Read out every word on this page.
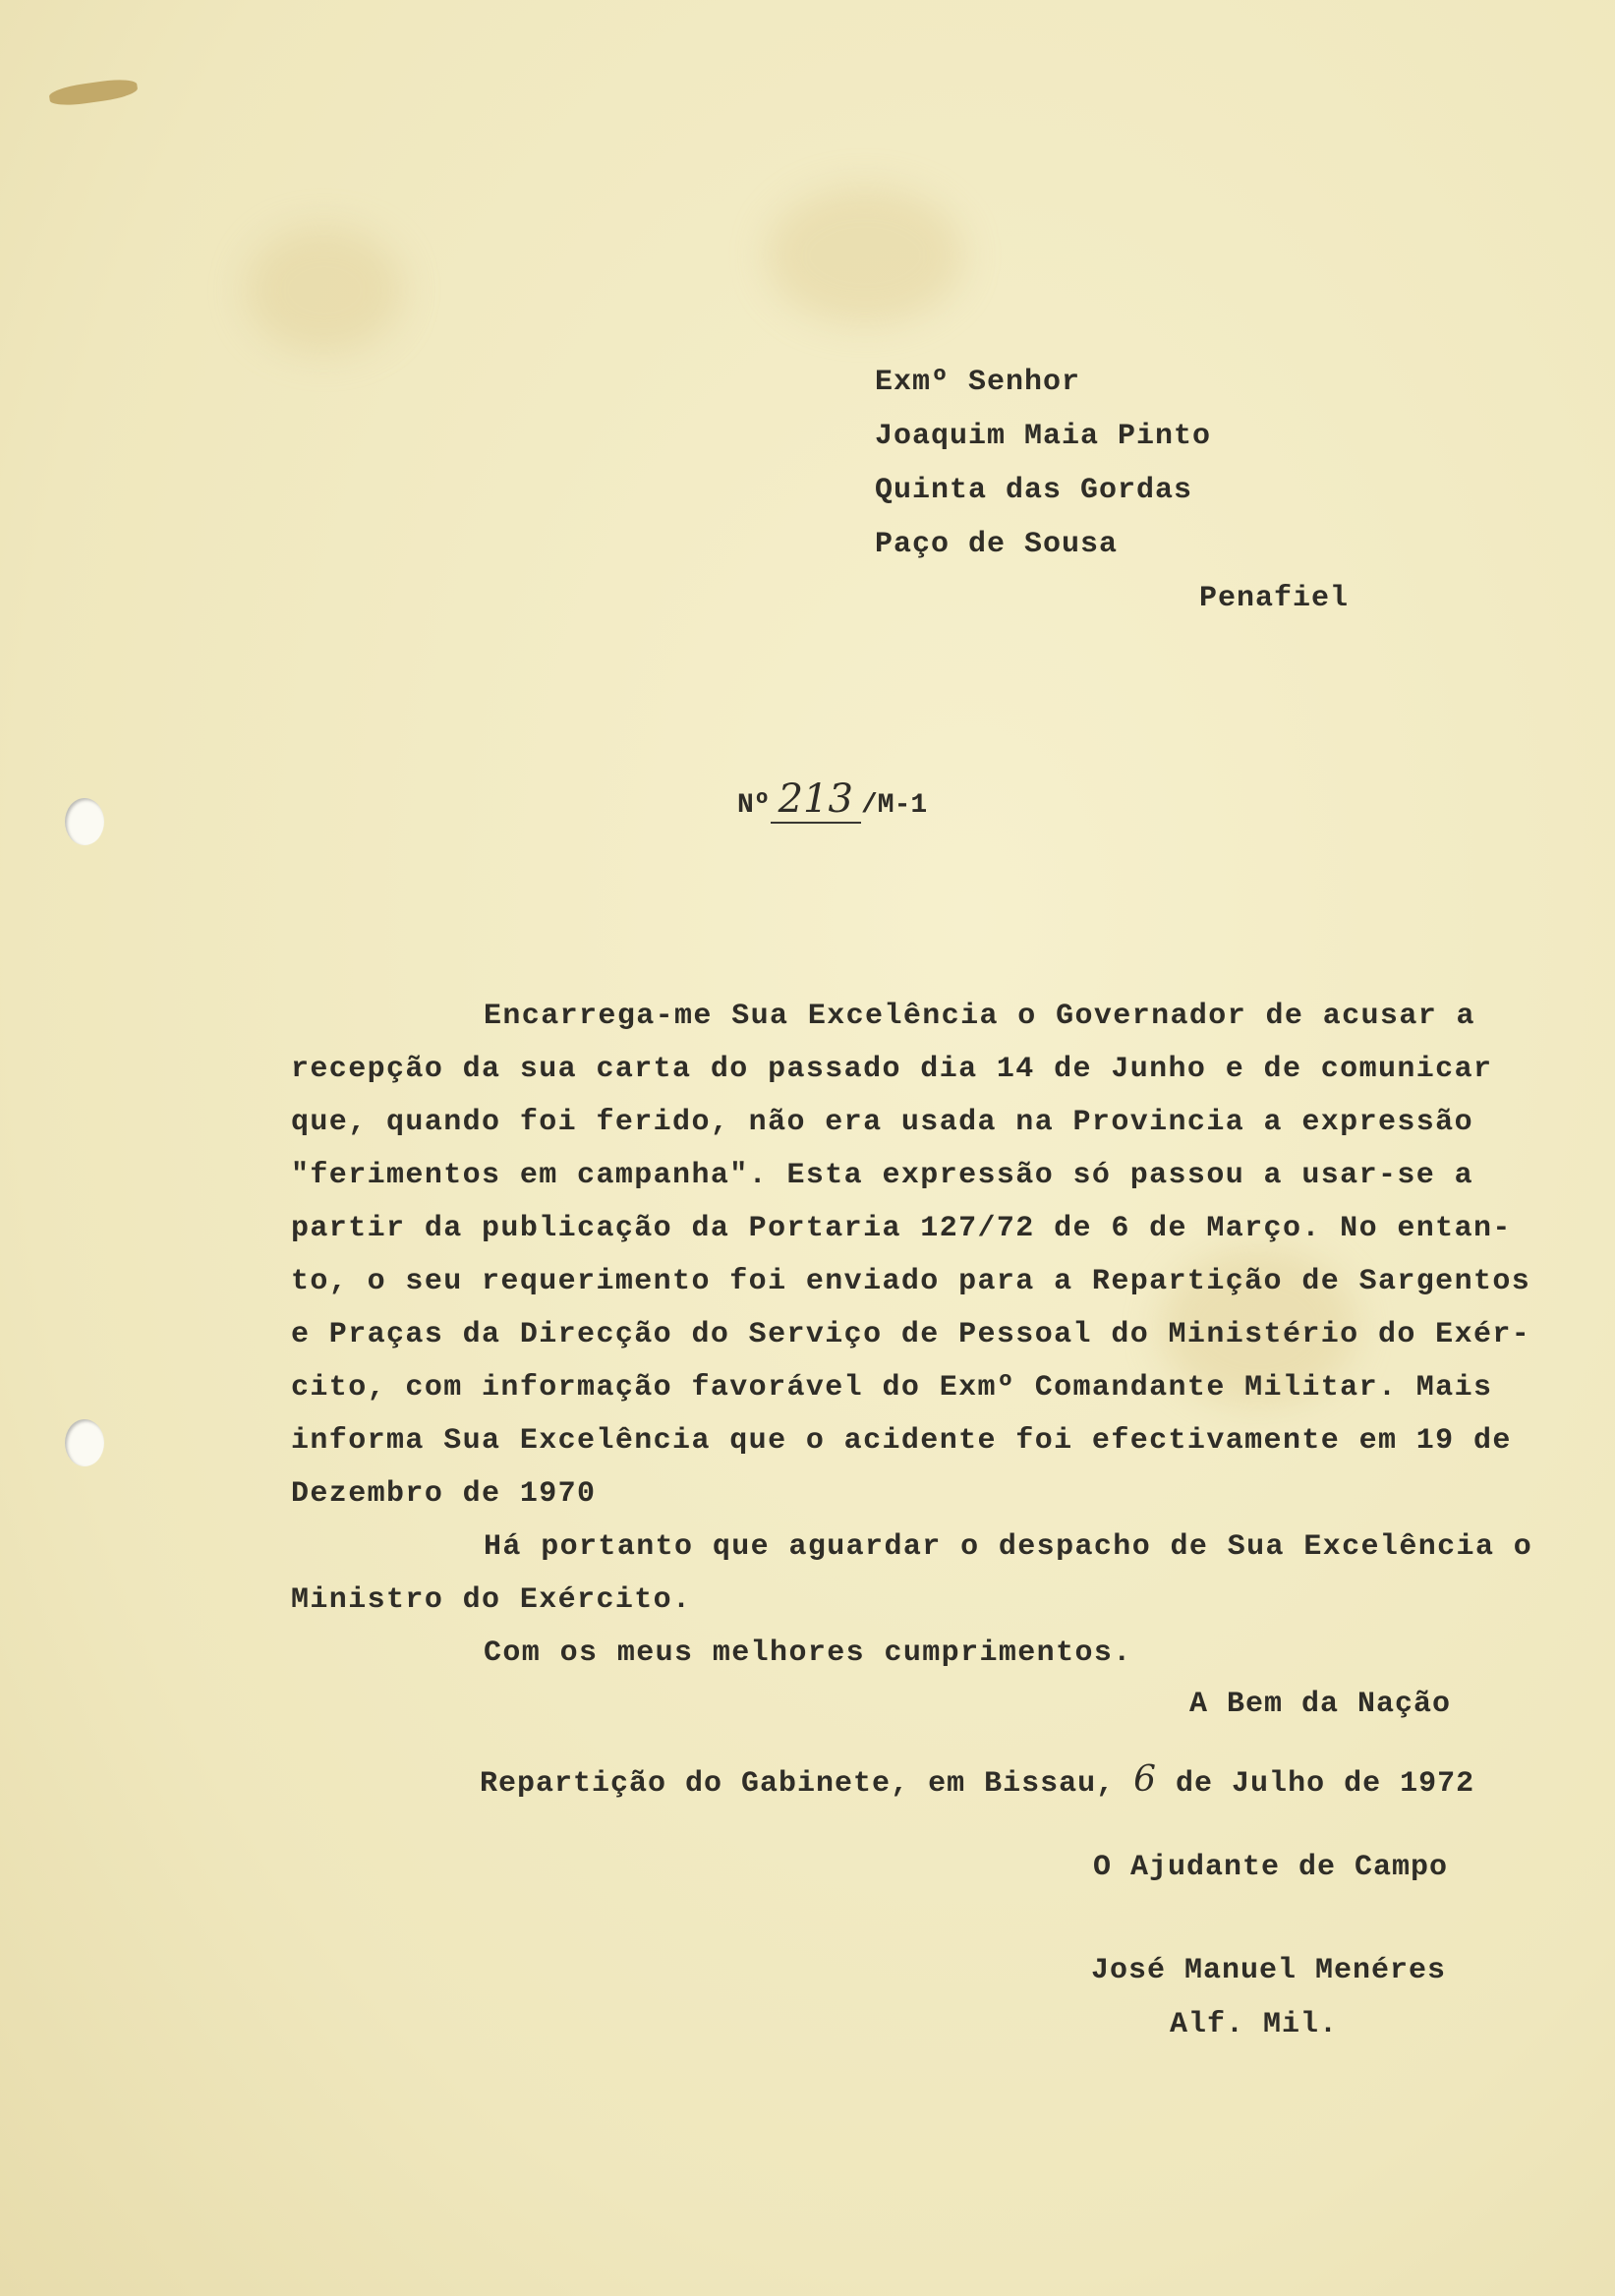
Exmº Senhor
Joaquim Maia Pinto
Quinta das Gordas
Paço de Sousa
Penafiel
Nº 213 /M-1
Encarrega-me Sua Excelência o Governador de acusar a
recepção da sua carta do passado dia 14 de Junho e de comunicar
que, quando foi ferido, não era usada na Provincia a expressão
"ferimentos em campanha". Esta expressão só passou a usar-se a
partir da publicação da Portaria 127/72 de 6 de Março. No entan-
to, o seu requerimento foi enviado para a Repartição de Sargentos
e Praças da Direcção do Serviço de Pessoal do Ministério do Exér-
cito, com informação favorável do Exmº Comandante Militar. Mais
informa Sua Excelência que o acidente foi efectivamente em 19 de
Dezembro de 1970
Há portanto que aguardar o despacho de Sua Excelência o
Ministro do Exército.
Com os meus melhores cumprimentos.
A Bem da Nação
Repartição do Gabinete, em Bissau, 6 de Julho de 1972
O Ajudante de Campo
José Manuel Menéres
Alf. Mil.
